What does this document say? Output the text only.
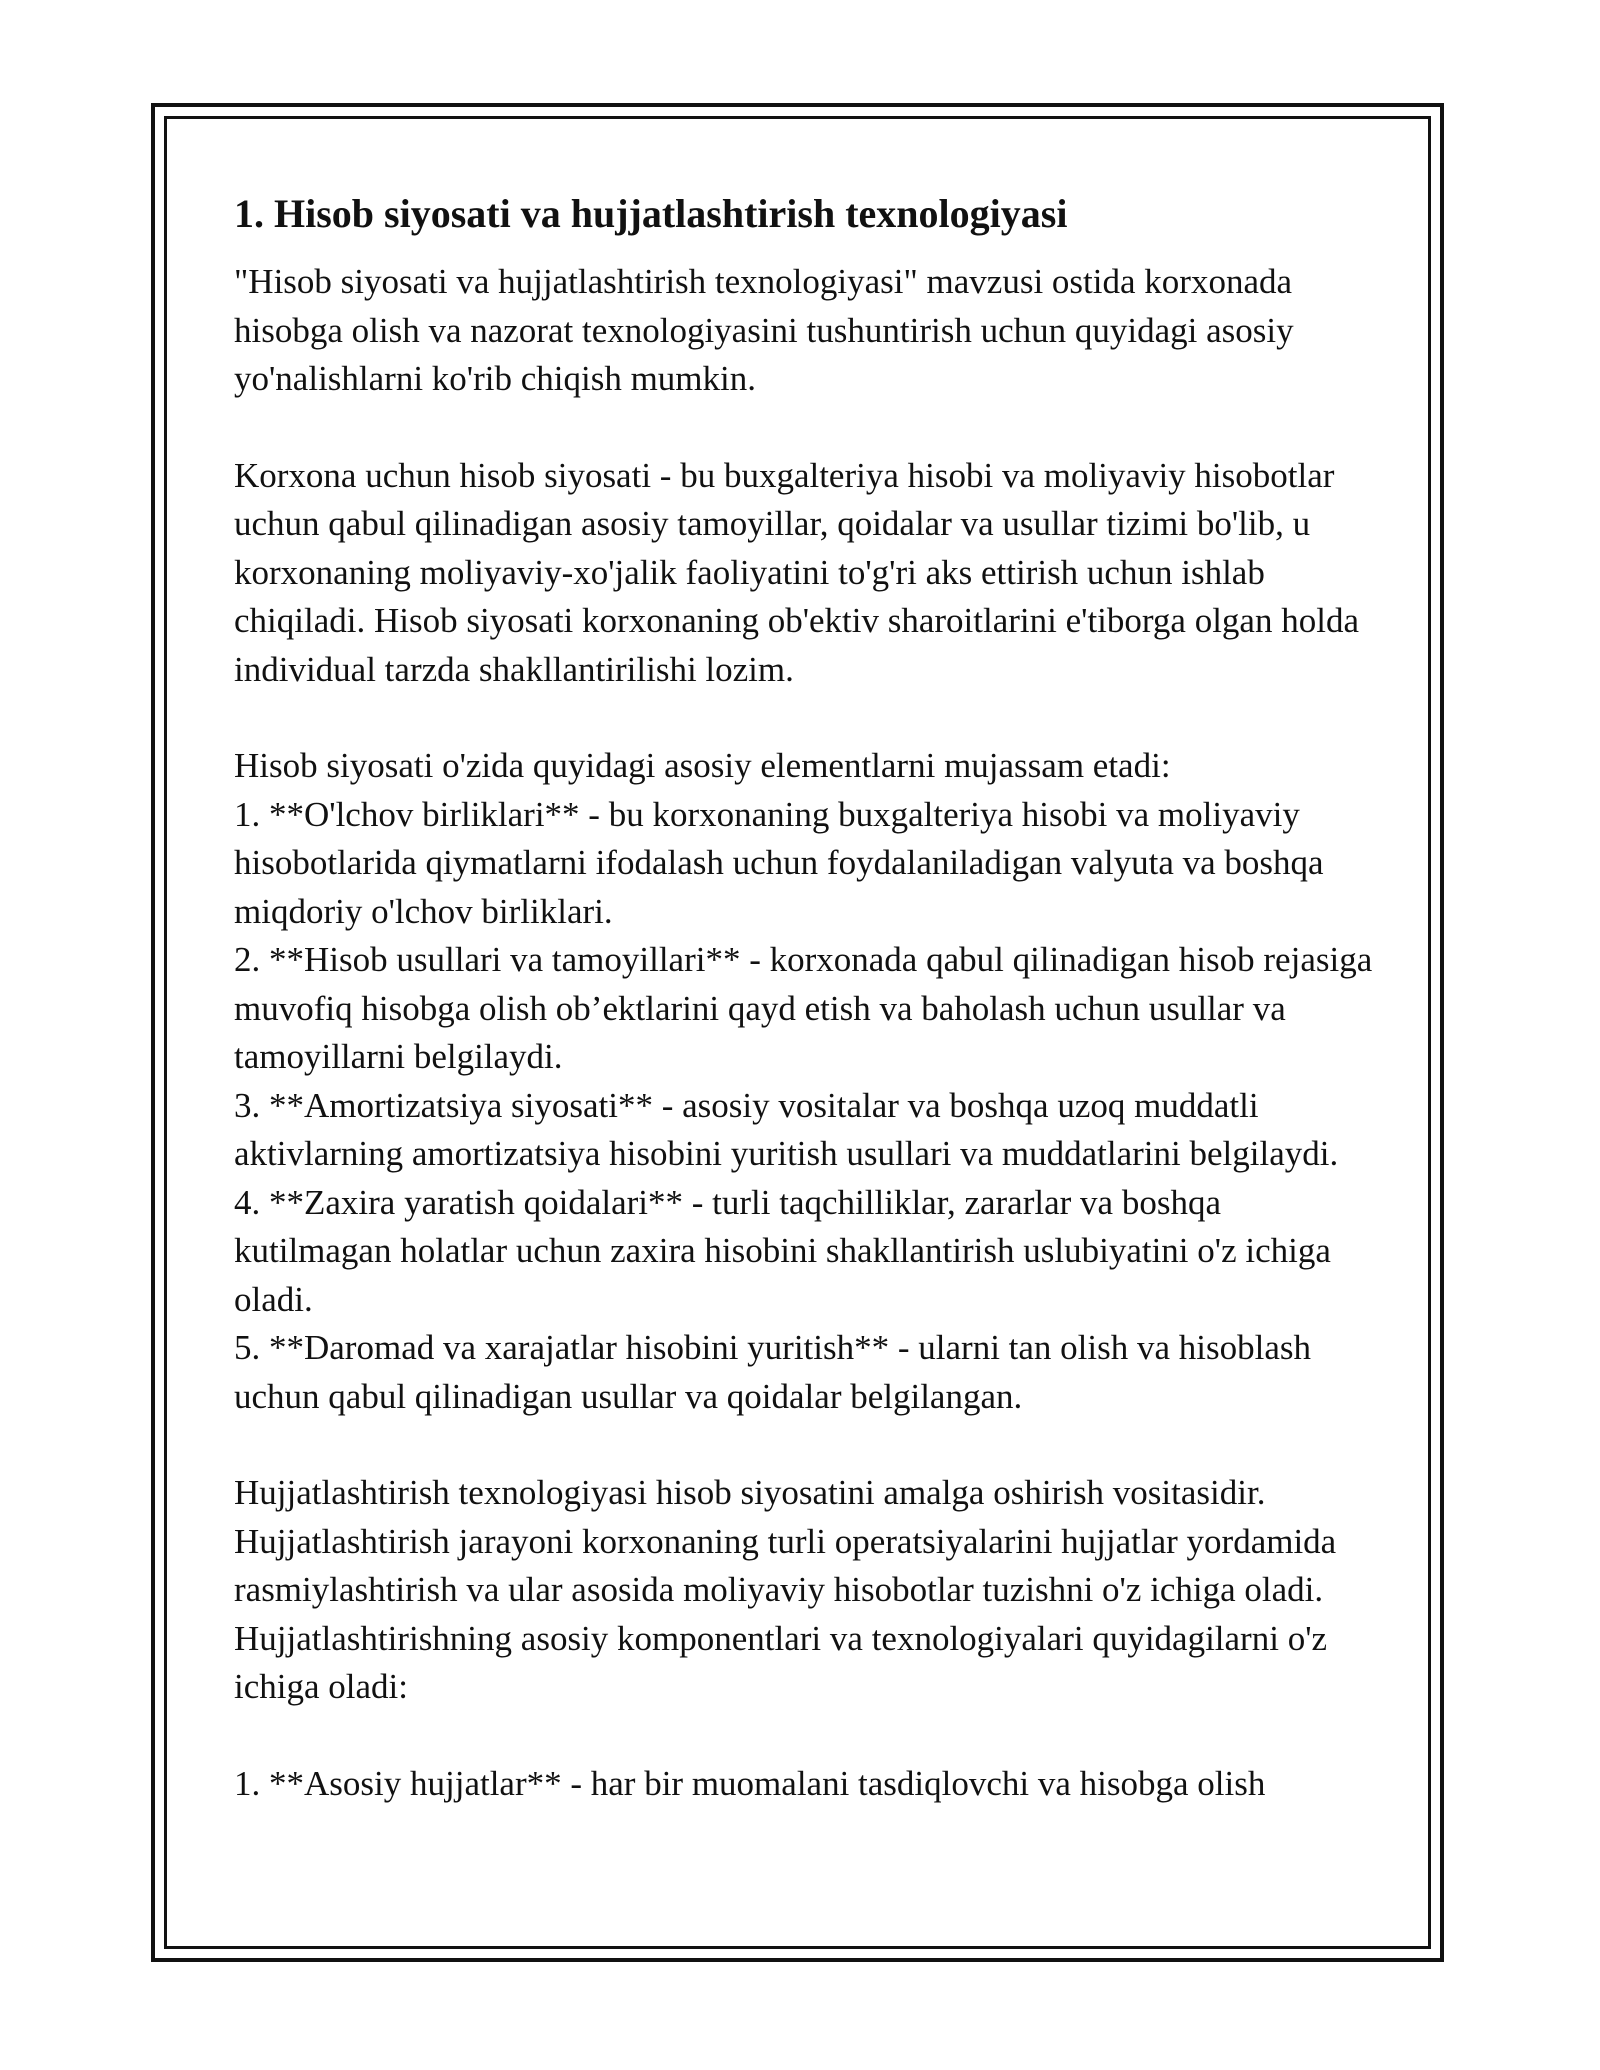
1. Hisob siyosati va hujjatlashtirish texnologiyasi

"Hisob siyosati va hujjatlashtirish texnologiyasi" mavzusi ostida korxonada hisobga olish va nazorat texnologiyasini tushuntirish uchun quyidagi asosiy yo'nalishlarni ko'rib chiqish mumkin.

Korxona uchun hisob siyosati - bu buxgalteriya hisobi va moliyaviy hisobotlar uchun qabul qilinadigan asosiy tamoyillar, qoidalar va usullar tizimi bo'lib, u korxonaning moliyaviy-xo'jalik faoliyatini to'g'ri aks ettirish uchun ishlab chiqiladi. Hisob siyosati korxonaning ob'ektiv sharoitlarini e'tiborga olgan holda individual tarzda shakllantirilishi lozim.

Hisob siyosati o'zida quyidagi asosiy elementlarni mujassam etadi:

1. **O'lchov birliklari** - bu korxonaning buxgalteriya hisobi va moliyaviy hisobotlarida qiymatlarni ifodalash uchun foydalaniladigan valyuta va boshqa miqdoriy o'lchov birliklari.

2. **Hisob usullari va tamoyillari** - korxonada qabul qilinadigan hisob rejasiga muvofiq hisobga olish ob’ektlarini qayd etish va baholash uchun usullar va tamoyillarni belgilaydi.

3. **Amortizatsiya siyosati** - asosiy vositalar va boshqa uzoq muddatli aktivlarning amortizatsiya hisobini yuritish usullari va muddatlarini belgilaydi.

4. **Zaxira yaratish qoidalari** - turli taqchilliklar, zararlar va boshqa kutilmagan holatlar uchun zaxira hisobini shakllantirish uslubiyatini o'z ichiga oladi.

5. **Daromad va xarajatlar hisobini yuritish** - ularni tan olish va hisoblash uchun qabul qilinadigan usullar va qoidalar belgilangan.

Hujjatlashtirish texnologiyasi hisob siyosatini amalga oshirish vositasidir. Hujjatlashtirish jarayoni korxonaning turli operatsiyalarini hujjatlar yordamida rasmiylashtirish va ular asosida moliyaviy hisobotlar tuzishni o'z ichiga oladi. Hujjatlashtirishning asosiy komponentlari va texnologiyalari quyidagilarni o'z ichiga oladi:

1. **Asosiy hujjatlar** - har bir muomalani tasdiqlovchi va hisobga olish
